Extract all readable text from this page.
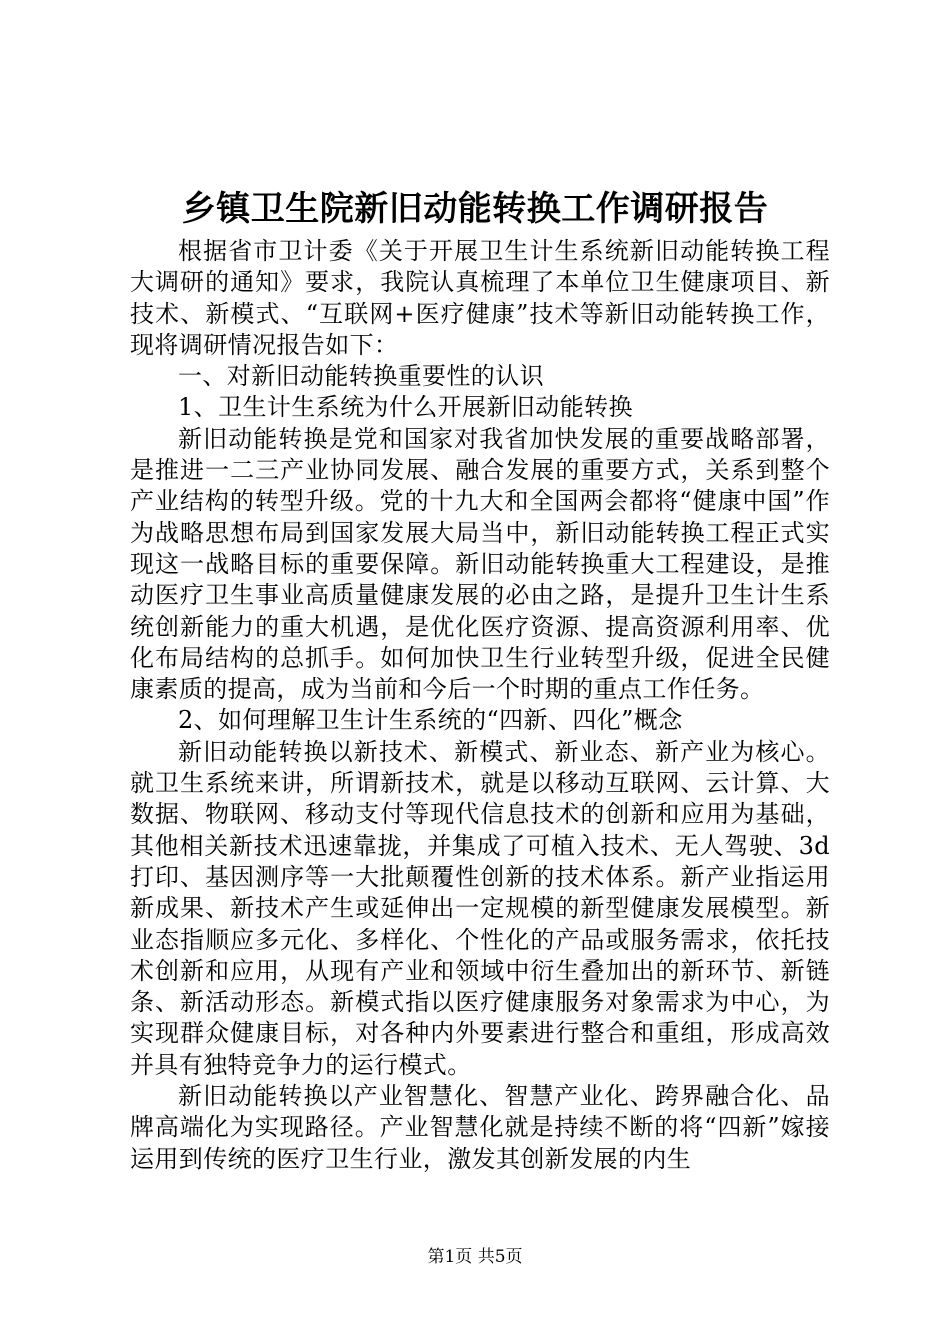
乡镇卫生院新旧动能转换工作调研报告

根据省市卫计委《关于开展卫生计生系统新旧动能转换工程大调研的通知》要求，我院认真梳理了本单位卫生健康项目、新技术、新模式、“互联网+医疗健康”技术等新旧动能转换工作，现将调研情况报告如下：

一、对新旧动能转换重要性的认识

1、卫生计生系统为什么开展新旧动能转换

新旧动能转换是党和国家对我省加快发展的重要战略部署，是推进一二三产业协同发展、融合发展的重要方式，关系到整个产业结构的转型升级。党的十九大和全国两会都将“健康中国”作为战略思想布局到国家发展大局当中，新旧动能转换工程正式实现这一战略目标的重要保障。新旧动能转换重大工程建设，是推动医疗卫生事业高质量健康发展的必由之路，是提升卫生计生系统创新能力的重大机遇，是优化医疗资源、提高资源利用率、优化布局结构的总抓手。如何加快卫生行业转型升级，促进全民健康素质的提高，成为当前和今后一个时期的重点工作任务。

2、如何理解卫生计生系统的“四新、四化”概念

新旧动能转换以新技术、新模式、新业态、新产业为核心。就卫生系统来讲，所谓新技术，就是以移动互联网、云计算、大数据、物联网、移动支付等现代信息技术的创新和应用为基础，其他相关新技术迅速靠拢，并集成了可植入技术、无人驾驶、3d打印、基因测序等一大批颠覆性创新的技术体系。新产业指运用新成果、新技术产生或延伸出一定规模的新型健康发展模型。新业态指顺应多元化、多样化、个性化的产品或服务需求，依托技术创新和应用，从现有产业和领域中衍生叠加出的新环节、新链条、新活动形态。新模式指以医疗健康服务对象需求为中心，为实现群众健康目标，对各种内外要素进行整合和重组，形成高效并具有独特竞争力的运行模式。

新旧动能转换以产业智慧化、智慧产业化、跨界融合化、品牌高端化为实现路径。产业智慧化就是持续不断的将“四新”嫁接运用到传统的医疗卫生行业，激发其创新发展的内生

第1页 共5页
